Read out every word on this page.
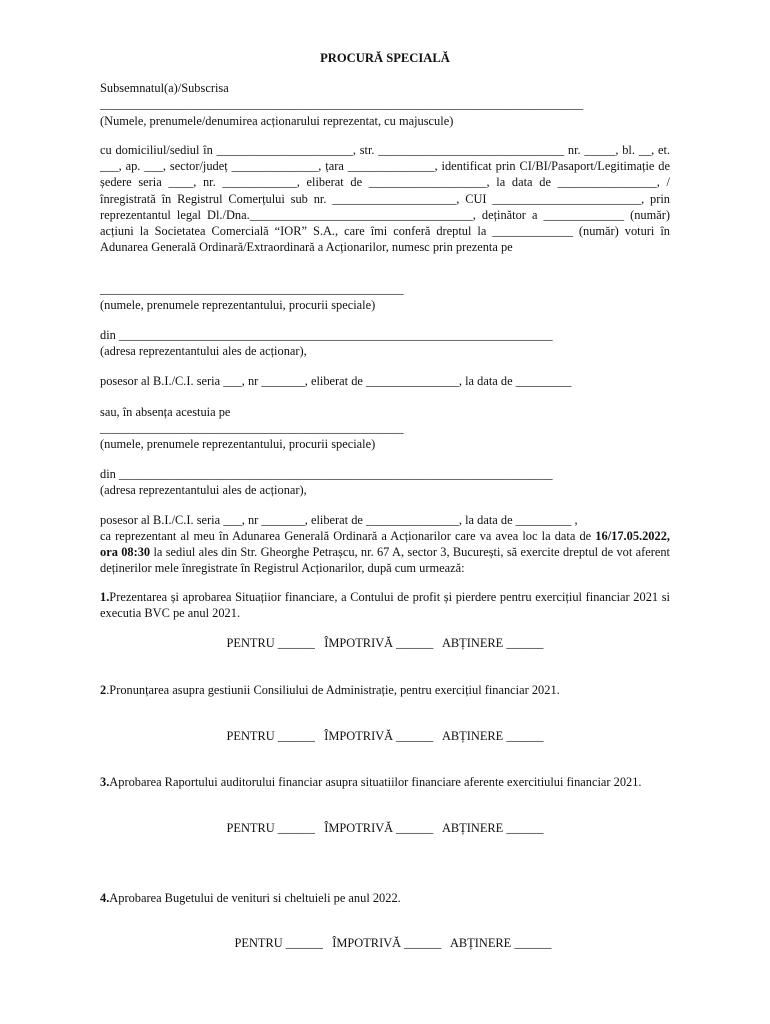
PROCURĂ SPECIALĂ
Subsemnatul(a)/Subscrisa
______________________________________________________________________________
(Numele, prenumele/denumirea acționarului reprezentat, cu majuscule)
cu domiciliul/sediul în ______________________, str. ______________________________ nr. _____, bl. __, et. ___, ap. ___, sector/județ ______________, țara ______________, identificat prin CI/BI/Pasaport/Legitimație de ședere seria ____, nr. ____________, eliberat de ___________________, la data de ________________, / înregistrată în Registrul Comerțului sub nr. ____________________, CUI ________________________, prin reprezentantul legal Dl./Dna.____________________________________, deținător a _____________ (număr) acțiuni la Societatea Comercială “IOR” S.A., care îmi conferă dreptul la _____________ (număr) voturi în Adunarea Generală Ordinară/Extraordinară a Acționarilor, numesc prin prezenta pe
_________________________________________________
(numele, prenumele reprezentantului, procurii speciale)
din ______________________________________________________________________
(adresa reprezentantului ales de acționar),
posesor al B.I./C.I. seria ___, nr _______, eliberat de _______________, la data de _________
sau, în absența acestuia pe
_________________________________________________
(numele, prenumele reprezentantului, procurii speciale)
din ______________________________________________________________________
(adresa reprezentantului ales de acționar),
posesor al B.I./C.I. seria ___, nr _______, eliberat de _______________, la data de _________ ,
ca reprezentant al meu în Adunarea Generală Ordinară a Acționarilor care va avea loc la data de 16/17.05.2022, ora 08:30 la sediul ales din Str. Gheorghe Petrașcu, nr. 67 A, sector 3, București, să exercite dreptul de vot aferent deținerilor mele înregistrate în Registrul Acționarilor, după cum urmează:
1.Prezentarea și aprobarea Situațiior financiare, a Contului de profit și pierdere pentru exercițiul financiar 2021 si executia BVC pe anul 2021.
PENTRU ______ ÎMPOTRIVĂ ______ ABȚINERE ______
2.Pronunțarea asupra gestiunii Consiliului de Administrație, pentru exercițiul financiar 2021.
PENTRU ______ ÎMPOTRIVĂ ______ ABȚINERE ______
3.Aprobarea Raportului auditorului financiar asupra situatiilor financiare aferente exercitiului financiar 2021.
PENTRU ______ ÎMPOTRIVĂ ______ ABȚINERE ______
4.Aprobarea Bugetului de venituri si cheltuieli pe anul 2022.
PENTRU ______ ÎMPOTRIVĂ ______ ABȚINERE ______
